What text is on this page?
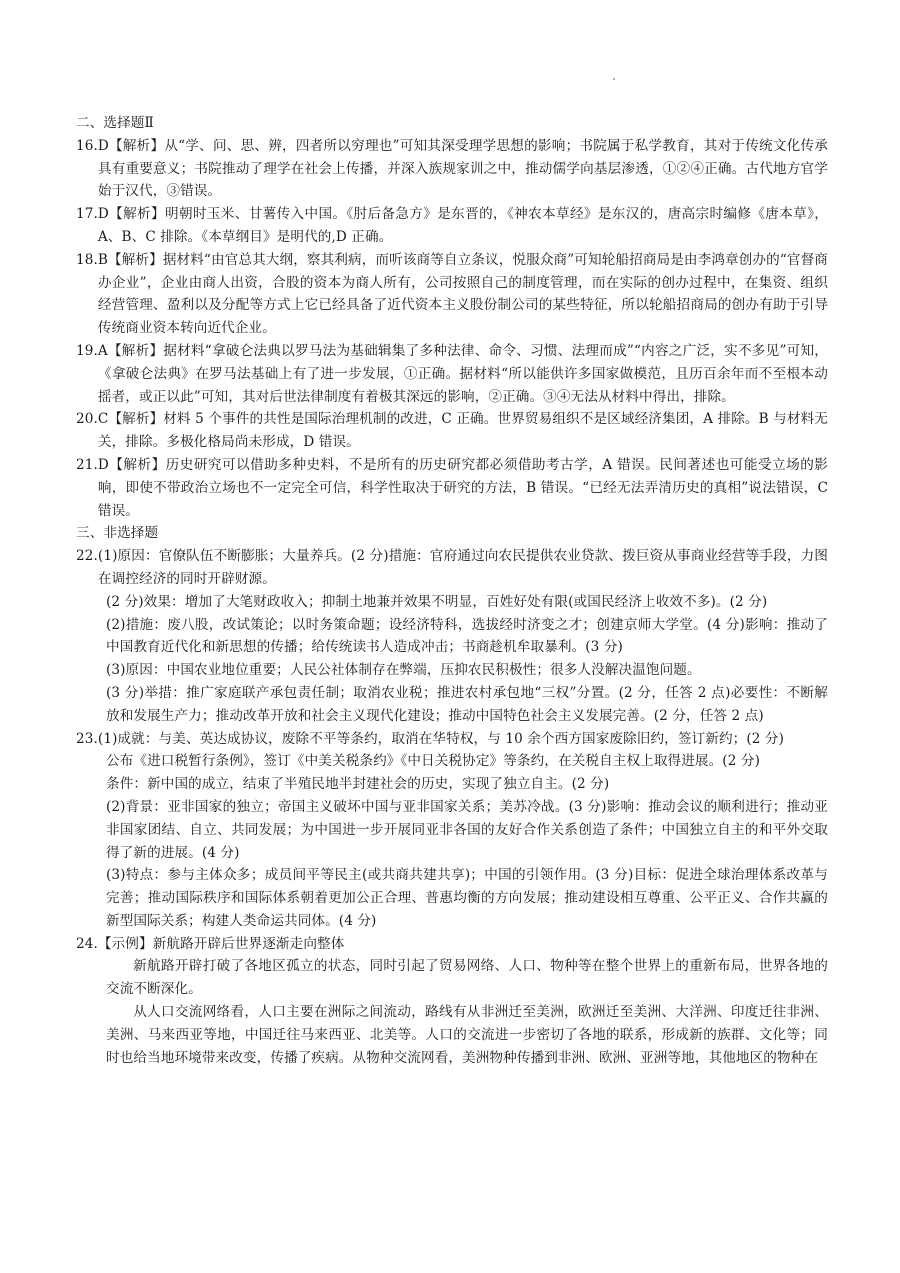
二、选择题Ⅱ

16. D【解析】从“学、问、思、辨，四者所以穷理也”可知其深受理学思想的影响；书院属于私学教育，其对于传统文化传承具有重要意义；书院推动了理学在社会上传播，并深入族规家训之中，推动儒学向基层渗透，①②④正确。古代地方官学始于汉代，③错误。
17. D【解析】明朝时玉米、甘薯传入中国。《肘后备急方》是东晋的，《神农本草经》是东汉的，唐高宗时编修《唐本草》，A、B、C 排除。《本草纲目》是明代的,D 正确。
18. B【解析】据材料“由官总其大纲，察其利病，而听该商等自立条议，悦服众商”可知轮船招商局是由李鸿章创办的“官督商办企业”，企业由商人出资，合股的资本为商人所有，公司按照自己的制度管理，而在实际的创办过程中，在集资、组织经营管理、盈利以及分配等方式上它已经具备了近代资本主义股份制公司的某些特征，所以轮船招商局的创办有助于引导传统商业资本转向近代企业。
19. A【解析】据材料“拿破仑法典以罗马法为基础辑集了多种法律、命令、习惯、法理而成”“内容之广泛，实不多见”可知，《拿破仑法典》在罗马法基础上有了进一步发展，①正确。据材料“所以能供许多国家做模范，且历百余年而不至根本动摇者，或正以此”可知，其对后世法律制度有着极其深远的影响，②正确。③④无法从材料中得出，排除。
20. C【解析】材料 5 个事件的共性是国际治理机制的改进，C 正确。世界贸易组织不是区域经济集团，A 排除。B 与材料无关，排除。多极化格局尚未形成，D 错误。
21. D【解析】历史研究可以借助多种史料，不是所有的历史研究都必须借助考古学，A 错误。民间著述也可能受立场的影响，即使不带政治立场也不一定完全可信，科学性取决于研究的方法，B 错误。“已经无法弄清历史的真相”说法错误，C 错误。

三、非选择题

22. (1)原因：官僚队伍不断膨胀；大量养兵。(2 分)措施：官府通过向农民提供农业贷款、拨巨资从事商业经营等手段，力图在调控经济的同时开辟财源。

(2 分)效果：增加了大笔财政收入；抑制土地兼并效果不明显，百姓好处有限(或国民经济上收效不多)。(2 分)

(2)措施：废八股，改试策论；以时务策命题；设经济特科，选拔经时济变之才；创建京师大学堂。(4 分)影响：推动了中国教育近代化和新思想的传播；给传统读书人造成冲击；书商趁机牟取暴利。(3 分)

(3)原因：中国农业地位重要；人民公社体制存在弊端，压抑农民积极性；很多人没解决温饱问题。

(3 分)举措：推广家庭联产承包责任制；取消农业税；推进农村承包地“三权”分置。(2 分，任答 2 点)必要性：不断解放和发展生产力；推动改革开放和社会主义现代化建设；推动中国特色社会主义发展完善。(2 分，任答 2 点)

23. (1)成就：与美、英达成协议，废除不平等条约，取消在华特权，与 10 余个西方国家废除旧约，签订新约；(2 分)

公布《进口税暂行条例》，签订《中美关税条约》《中日关税协定》等条约，在关税自主权上取得进展。(2 分)

条件：新中国的成立，结束了半殖民地半封建社会的历史，实现了独立自主。(2 分)

(2)背景：亚非国家的独立；帝国主义破坏中国与亚非国家关系；美苏冷战。(3 分)影响：推动会议的顺利进行；推动亚非国家团结、自立、共同发展；为中国进一步开展同亚非各国的友好合作关系创造了条件；中国独立自主的和平外交取得了新的进展。(4 分)

(3)特点：参与主体众多；成员间平等民主(或共商共建共享)；中国的引领作用。(3 分)目标：促进全球治理体系改革与完善；推动国际秩序和国际体系朝着更加公正合理、普惠均衡的方向发展；推动建设相互尊重、公平正义、合作共赢的新型国际关系；构建人类命运共同体。(4 分)

24.【示例】新航路开辟后世界逐渐走向整体

新航路开辟打破了各地区孤立的状态，同时引起了贸易网络、人口、物种等在整个世界上的重新布局，世界各地的交流不断深化。

从人口交流网络看，人口主要在洲际之间流动，路线有从非洲迁至美洲，欧洲迁至美洲、大洋洲、印度迁往非洲、美洲、马来西亚等地，中国迁往马来西亚、北美等。人口的交流进一步密切了各地的联系，形成新的族群、文化等；同时也给当地环境带来改变，传播了疾病。从物种交流网看，美洲物种传播到非洲、欧洲、亚洲等地，其他地区的物种在
